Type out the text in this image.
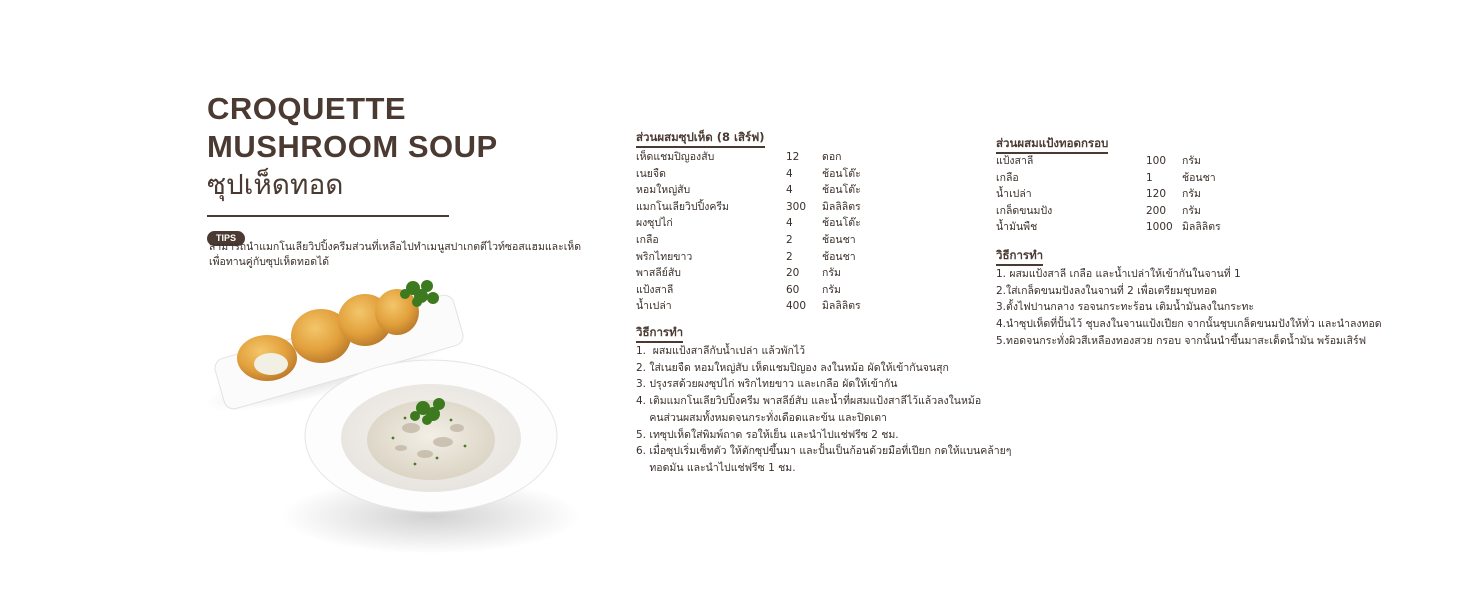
CROQUETTE
MUSHROOM SOUP
ซุปเห็ดทอด
TIPS
สามารถนำแมกโนเลียวิปปิ้งครีมส่วนที่เหลือไปทำเมนูสปาเกตตีไวท์ซอสแฮมและเห็ด
เพื่อทานคู่กับซุปเห็ดทอดได้
ส่วนผสมซุปเห็ด (8 เสิร์ฟ)
เห็ดแชมปิญองสับ	12	ดอก
เนยจืด	4	ช้อนโต๊ะ
หอมใหญ่สับ	4	ช้อนโต๊ะ
แมกโนเลียวิปปิ้งครีม	300	มิลลิลิตร
ผงซุปไก่	4	ช้อนโต๊ะ
เกลือ	2	ช้อนชา
พริกไทยขาว	2	ช้อนชา
พาสลีย์สับ	20	กรัม
แป้งสาลี	60	กรัม
น้ำเปล่า	400	มิลลิลิตร
วิธีการทำ
1.  ผสมแป้งสาลีกับน้ำเปล่า แล้วพักไว้
2. ใส่เนยจืด หอมใหญ่สับ เห็ดแชมปิญอง ลงในหม้อ ผัดให้เข้ากันจนสุก
3. ปรุงรสด้วยผงซุปไก่ พริกไทยขาว และเกลือ ผัดให้เข้ากัน
4. เติมแมกโนเลียวิปปิ้งครีม พาสลีย์สับ และน้ำที่ผสมแป้งสาลีไว้แล้วลงในหม้อ
คนส่วนผสมทั้งหมดจนกระทั่งเดือดและข้น และปิดเตา
5. เทซุปเห็ดใส่พิมพ์ถาด รอให้เย็น และนำไปแช่ฟรีซ 2 ชม.
6. เมื่อซุปเริ่มเซ็ทตัว ให้ตักซุปขึ้นมา และปั้นเป็นก้อนด้วยมือที่เปียก กดให้แบนคล้ายๆ
ทอดมัน และนำไปแช่ฟรีซ 1 ชม.
ส่วนผสมแป้งทอดกรอบ
แป้งสาลี	100	กรัม
เกลือ	1	ช้อนชา
น้ำเปล่า	120	กรัม
เกล็ดขนมปัง	200	กรัม
น้ำมันพืช	1000 มิลลิลิตร
วิธีการทำ
1. ผสมแป้งสาลี เกลือ และน้ำเปล่าให้เข้ากันในจานที่ 1
2.ใส่เกล็ดขนมปังลงในจานที่ 2 เพื่อเตรียมชุบทอด
3.ตั้งไฟปานกลาง รอจนกระทะร้อน เติมน้ำมันลงในกระทะ
4.นำซุปเห็ดที่ปั้นไว้ ชุบลงในจานแป้งเปียก จากนั้นชุบเกล็ดขนมปังให้ทั่ว และนำลงทอด
5.ทอดจนกระทั่งผิวสีเหลืองทองสวย กรอบ จากนั้นนำขึ้นมาสะเด็ดน้ำมัน พร้อมเสิร์ฟ
